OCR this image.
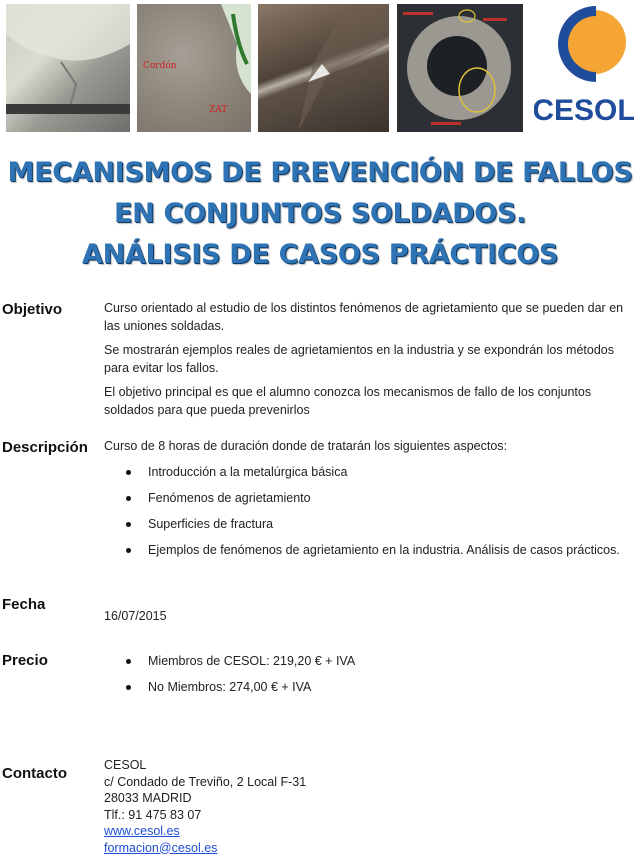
Cordón
ZAT	CESOL
MECANISMOS DE PREVENCIÓN DE FALLOS
EN CONJUNTOS SOLDADOS.
ANÁLISIS DE CASOS PRÁCTICOS
Objetivo	Curso orientado al estudio de los distintos fenómenos de agrietamiento que se pueden dar en las uniones soldadas.

Se mostrarán ejemplos reales de agrietamientos en la industria y se expondrán los métodos para evitar los fallos.

El objetivo principal es que el alumno conozca los mecanismos de fallo de los conjuntos soldados para que pueda prevenirlos

Descripción Curso de 8 horas de duración donde de tratarán los siguientes aspectos:
Introducción a la metalúrgica básica
Fenómenos de agrietamiento
Superficies de fractura
Ejemplos de fenómenos de agrietamiento en la industria. Análisis de casos prácticos.
Fecha
16/07/2015
Precio	Miembros de CESOL: 219,20 € + IVA
No Miembros: 274,00 € + IVA
Contacto	CESOL
c/ Condado de Treviño, 2 Local F-31
28033 MADRID
Tlf.: 91 475 83 07
www.cesol.es
formacion@cesol.es
